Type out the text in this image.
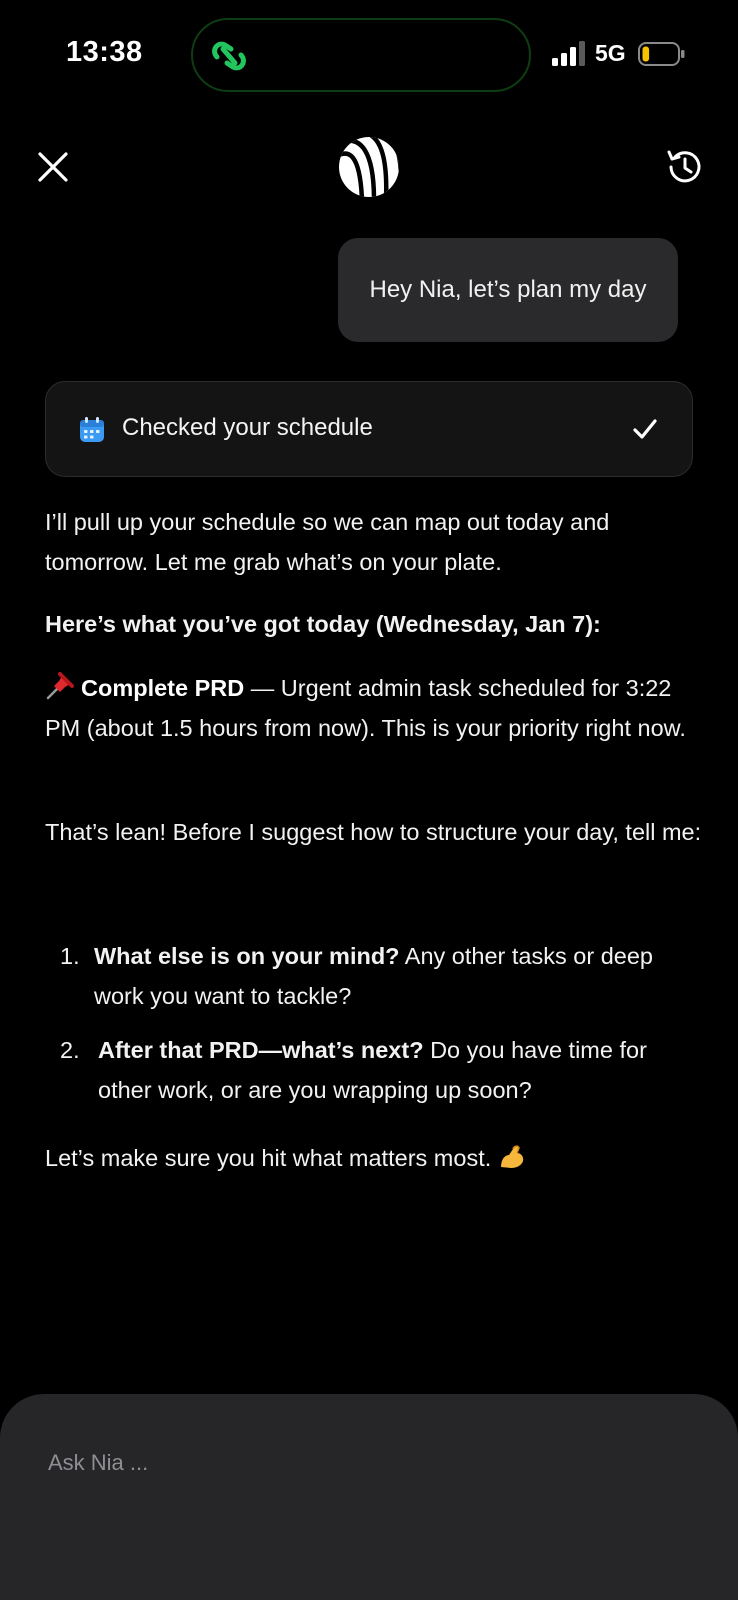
13:38	5G
Hey Nia, let’s plan my day
Checked your schedule
I’ll pull up your schedule so we can map out today and tomorrow. Let me grab what’s on your plate.
Here’s what you’ve got today (Wednesday, Jan 7):
Complete PRD — Urgent admin task scheduled for 3:22 PM (about 1.5 hours from now). This is your priority right now.
That’s lean! Before I suggest how to structure your day, tell me:
1. What else is on your mind? Any other tasks or deep work you want to tackle?
2. After that PRD—what’s next? Do you have time for other work, or are you wrapping up soon?
Let’s make sure you hit what matters most.
Ask Nia ...
